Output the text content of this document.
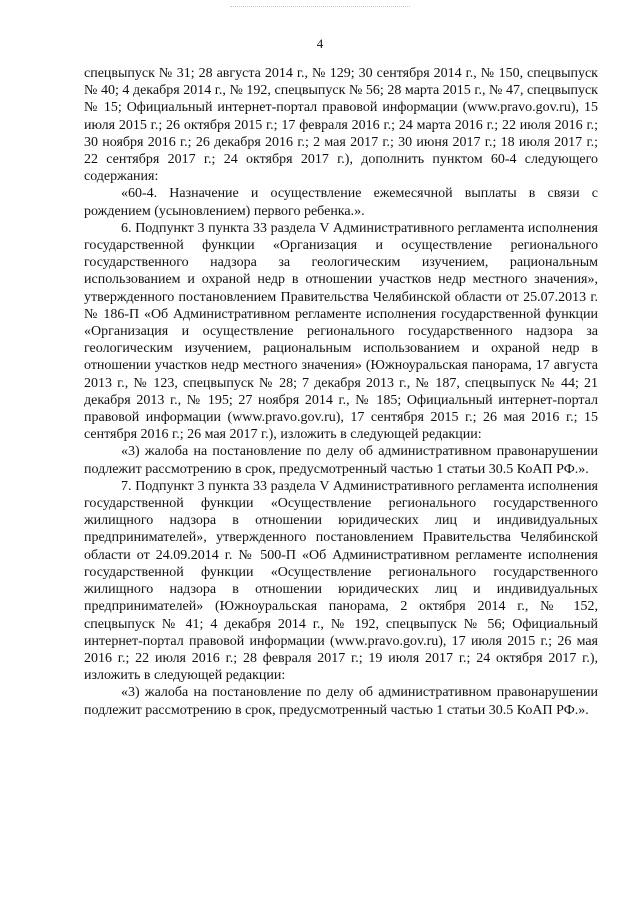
4

спецвыпуск № 31; 28 августа 2014 г., № 129; 30 сентября 2014 г., № 150, спецвыпуск № 40; 4 декабря 2014 г., № 192, спецвыпуск № 56; 28 марта 2015 г., № 47, спецвыпуск № 15; Официальный интернет-портал правовой информации (www.pravo.gov.ru), 15 июля 2015 г.; 26 октября 2015 г.; 17 февраля 2016 г.; 24 марта 2016 г.; 22 июля 2016 г.; 30 ноября 2016 г.; 26 декабря 2016 г.; 2 мая 2017 г.; 30 июня 2017 г.; 18 июля 2017 г.; 22 сентября 2017 г.; 24 октября 2017 г.), дополнить пунктом 60-4 следующего содержания:

«60-4. Назначение и осуществление ежемесячной выплаты в связи с рождением (усыновлением) первого ребенка.».

6. Подпункт 3 пункта 33 раздела V Административного регламента исполнения государственной функции «Организация и осуществление регионального государственного надзора за геологическим изучением, рациональным использованием и охраной недр в отношении участков недр местного значения», утвержденного постановлением Правительства Челябинской области от 25.07.2013 г. № 186-П «Об Административном регламенте исполнения государственной функции «Организация и осуществление регионального государственного надзора за геологическим изучением, рациональным использованием и охраной недр в отношении участков недр местного значения» (Южноуральская панорама, 17 августа 2013 г., № 123, спецвыпуск № 28; 7 декабря 2013 г., № 187, спецвыпуск № 44; 21 декабря 2013 г., № 195; 27 ноября 2014 г., № 185; Официальный интернет-портал правовой информации (www.pravo.gov.ru), 17 сентября 2015 г.; 26 мая 2016 г.; 15 сентября 2016 г.; 26 мая 2017 г.), изложить в следующей редакции:

«3) жалоба на постановление по делу об административном правонарушении подлежит рассмотрению в срок, предусмотренный частью 1 статьи 30.5 КоАП РФ.».

7. Подпункт 3 пункта 33 раздела V Административного регламента исполнения государственной функции «Осуществление регионального государственного жилищного надзора в отношении юридических лиц и индивидуальных предпринимателей», утвержденного постановлением Правительства Челябинской области от 24.09.2014 г. № 500-П «Об Административном регламенте исполнения государственной функции «Осуществление регионального государственного жилищного надзора в отношении юридических лиц и индивидуальных предпринимателей» (Южноуральская панорама, 2 октября 2014 г., № 152, спецвыпуск № 41; 4 декабря 2014 г., № 192, спецвыпуск № 56; Официальный интернет-портал правовой информации (www.pravo.gov.ru), 17 июля 2015 г.; 26 мая 2016 г.; 22 июля 2016 г.; 28 февраля 2017 г.; 19 июля 2017 г.; 24 октября 2017 г.), изложить в следующей редакции:

«3) жалоба на постановление по делу об административном правонарушении подлежит рассмотрению в срок, предусмотренный частью 1 статьи 30.5 КоАП РФ.».
